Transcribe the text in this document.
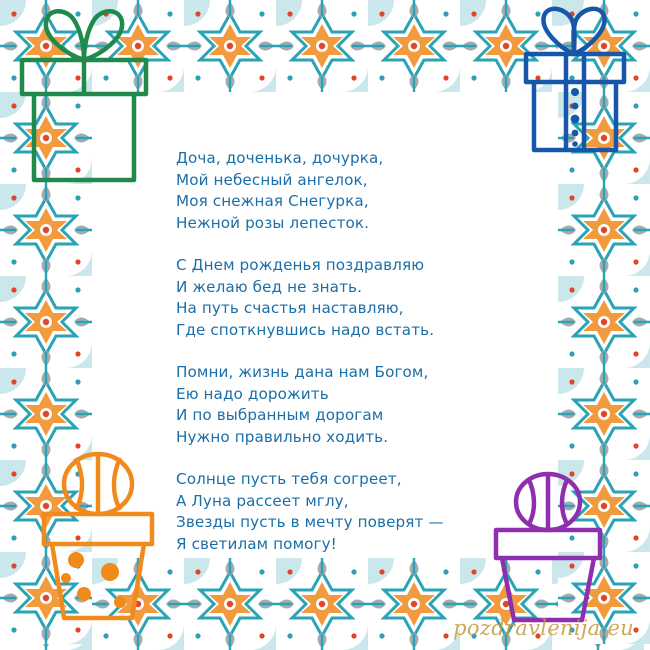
Доча, доченька, дочурка,
Мой небесный ангелок,
Моя снежная Снегурка,
Нежной розы лепесток.
С Днем рожденья поздравляю
И желаю бед не знать.
На путь счастья наставляю,
Где споткнувшись надо встать.
Помни, жизнь дана нам Богом,
Ею надо дорожить
И по выбранным дорогам
Нужно правильно ходить.
Солнце пусть тебя согреет,
А Луна рассеет мглу,
Звезды пусть в мечту поверят —
Я светилам помогу!
pozdravlenija.eu
